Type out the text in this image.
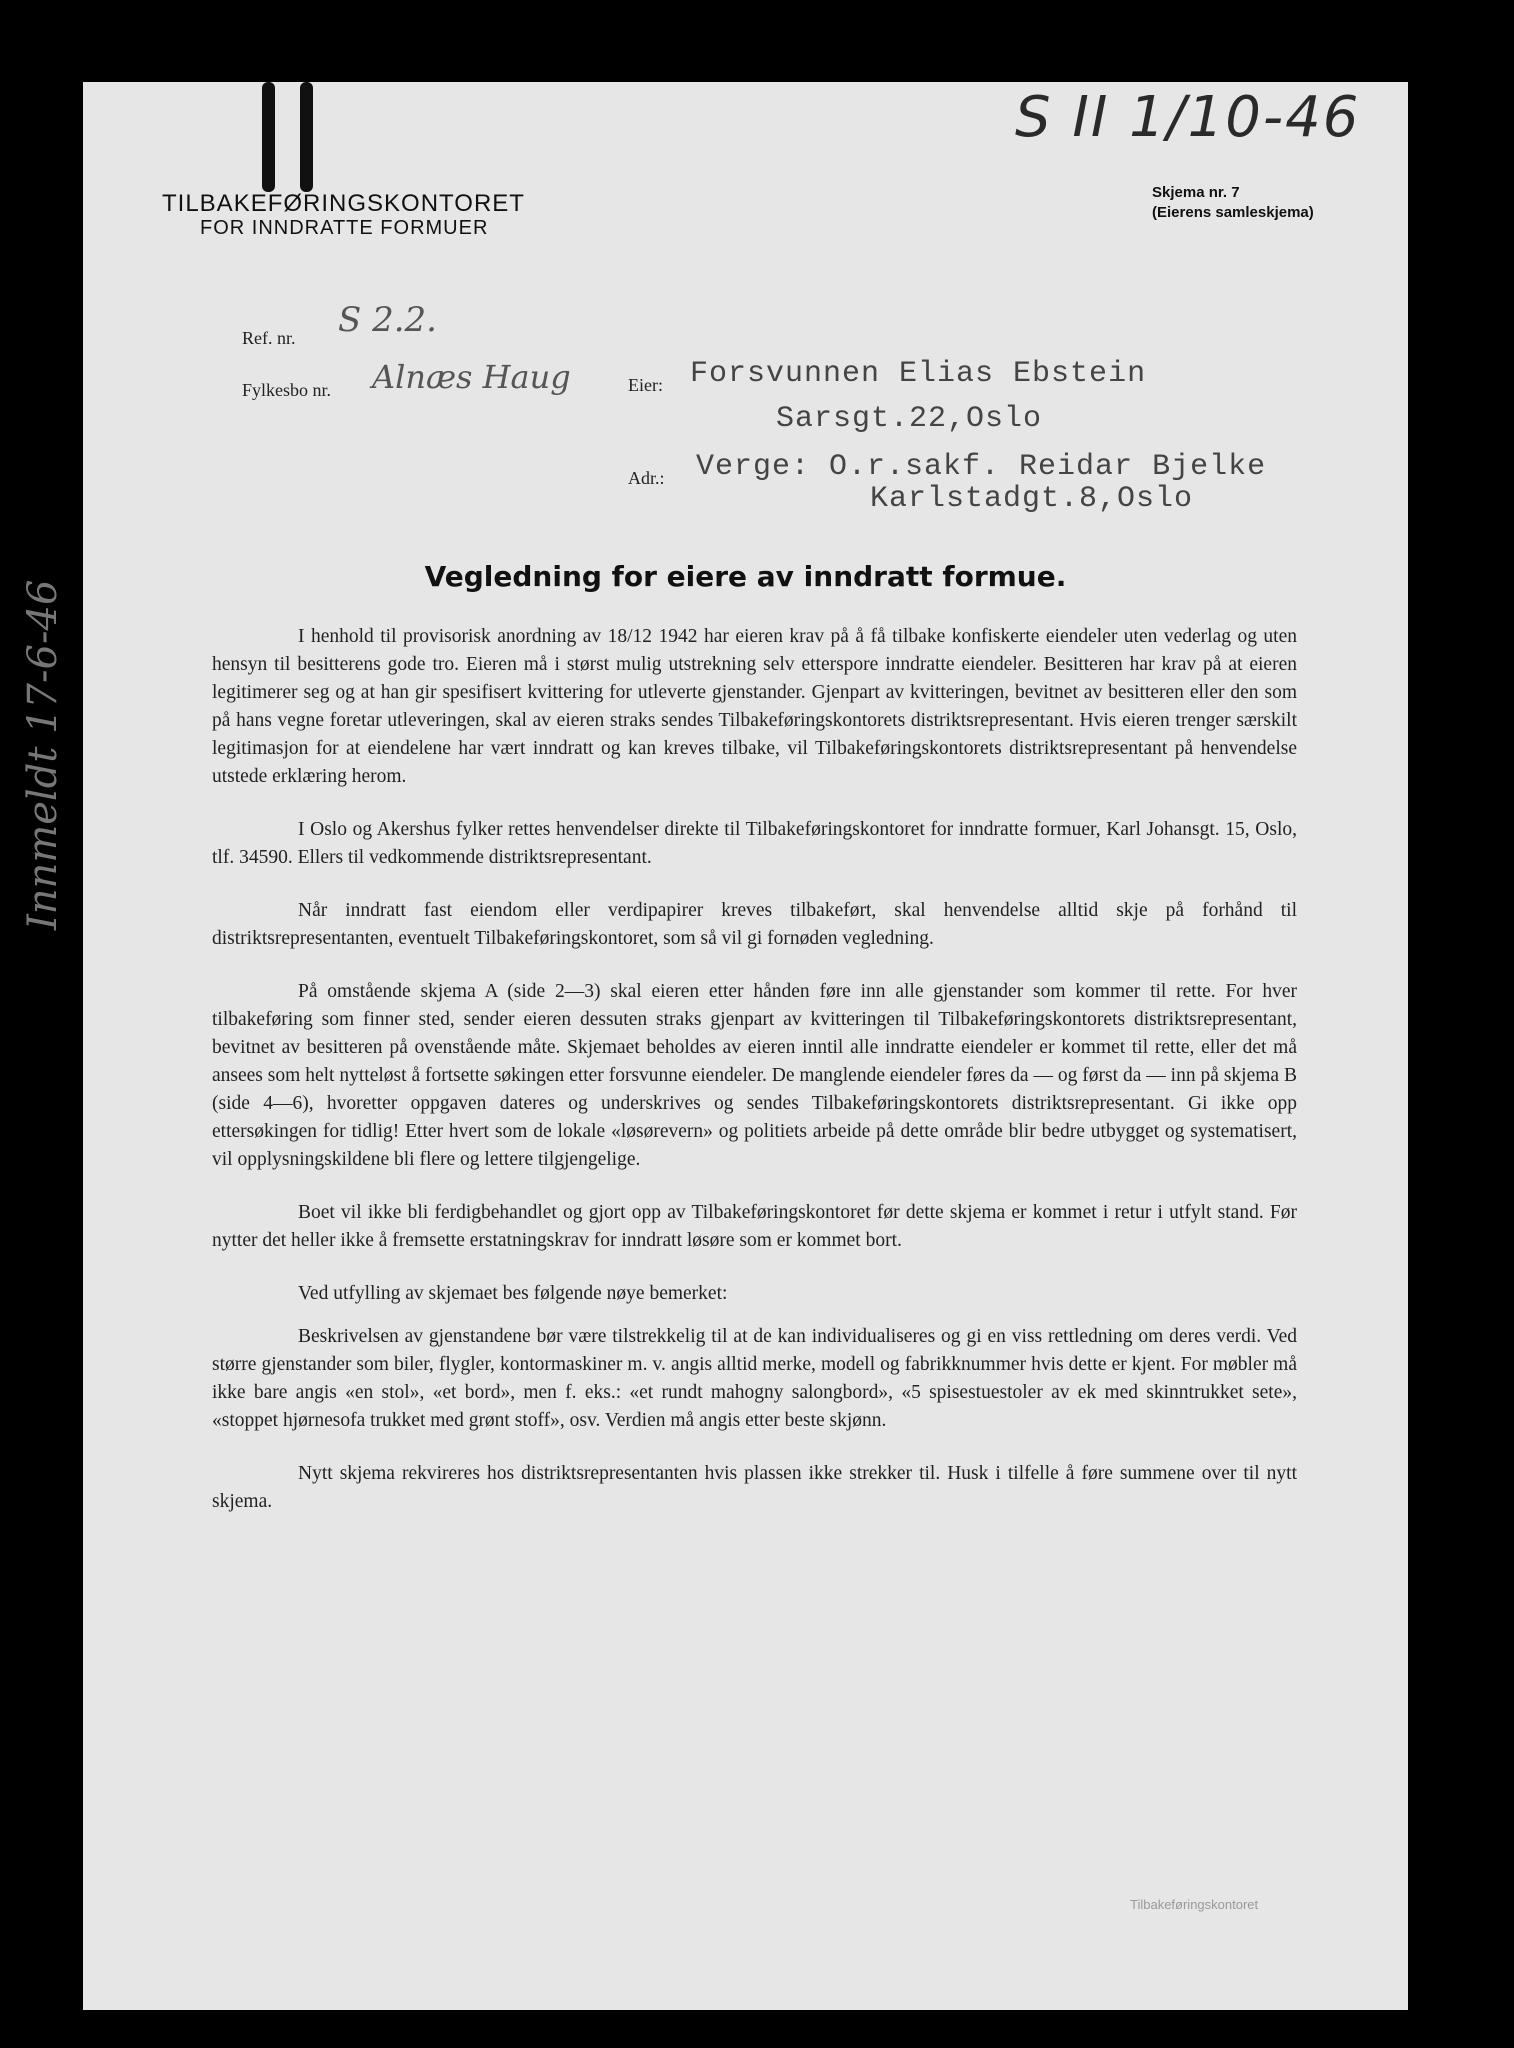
S II 1/10-46
TILBAKEFØRINGSKONTORET
FOR INNDRATTE FORMUER
Skjema nr. 7
(Eierens samleskjema)
Ref. nr. S 2.2.
Fylkesbo nr. Alnæs Haug	Eier: Forsvunnen Elias Ebstein
Sarsgt.22,Oslo
Adr.: Verge: O.r.sakf. Reidar Bjelke
Karlstadgt.8,Oslo
Innmeldt 17-6-46
Vegledning for eiere av inndratt formue.

I henhold til provisorisk anordning av 18/12 1942 har eieren krav på å få tilbake konfiskerte eiendeler uten vederlag og uten hensyn til besitterens gode tro. Eieren må i størst mulig utstrekning selv etterspore inndratte eiendeler. Besitteren har krav på at eieren legitimerer seg og at han gir spesifisert kvittering for utleverte gjenstander. Gjenpart av kvitteringen, bevitnet av besitteren eller den som på hans vegne foretar utleveringen, skal av eieren straks sendes Tilbakeføringskontorets distriktsrepresentant. Hvis eieren trenger særskilt legitimasjon for at eiendelene har vært inndratt og kan kreves tilbake, vil Tilbakeføringskontorets distriktsrepresentant på henvendelse utstede erklæring herom.

I Oslo og Akershus fylker rettes henvendelser direkte til Tilbakeføringskontoret for inndratte formuer, Karl Johansgt. 15, Oslo, tlf. 34590. Ellers til vedkommende distriktsrepresentant.

Når inndratt fast eiendom eller verdipapirer kreves tilbakeført, skal henvendelse alltid skje på forhånd til distriktsrepresentanten, eventuelt Tilbakeføringskontoret, som så vil gi fornøden vegledning.

På omstående skjema A (side 2—3) skal eieren etter hånden føre inn alle gjenstander som kommer til rette. For hver tilbakeføring som finner sted, sender eieren dessuten straks gjenpart av kvitteringen til Tilbakeføringskontorets distriktsrepresentant, bevitnet av besitteren på ovenstående måte. Skjemaet beholdes av eieren inntil alle inndratte eiendeler er kommet til rette, eller det må ansees som helt nytteløst å fortsette søkingen etter forsvunne eiendeler. De manglende eiendeler føres da — og først da — inn på skjema B (side 4—6), hvoretter oppgaven dateres og underskrives og sendes Tilbakeføringskontorets distriktsrepresentant. Gi ikke opp ettersøkingen for tidlig! Etter hvert som de lokale «løsørevern» og politiets arbeide på dette område blir bedre utbygget og systematisert, vil opplysningskildene bli flere og lettere tilgjengelige.

Boet vil ikke bli ferdigbehandlet og gjort opp av Tilbakeføringskontoret før dette skjema er kommet i retur i utfylt stand. Før nytter det heller ikke å fremsette erstatningskrav for inndratt løsøre som er kommet bort.

Ved utfylling av skjemaet bes følgende nøye bemerket:

Beskrivelsen av gjenstandene bør være tilstrekkelig til at de kan individualiseres og gi en viss rettledning om deres verdi. Ved større gjenstander som biler, flygler, kontormaskiner m. v. angis alltid merke, modell og fabrikknummer hvis dette er kjent. For møbler må ikke bare angis «en stol», «et bord», men f. eks.: «et rundt mahogny salongbord», «5 spisestuestoler av ek med skinntrukket sete», «stoppet hjørnesofa trukket med grønt stoff», osv. Verdien må angis etter beste skjønn.

Nytt skjema rekvireres hos distriktsrepresentanten hvis plassen ikke strekker til. Husk i tilfelle å føre summene over til nytt skjema.

Tilbakeføringskontoret
